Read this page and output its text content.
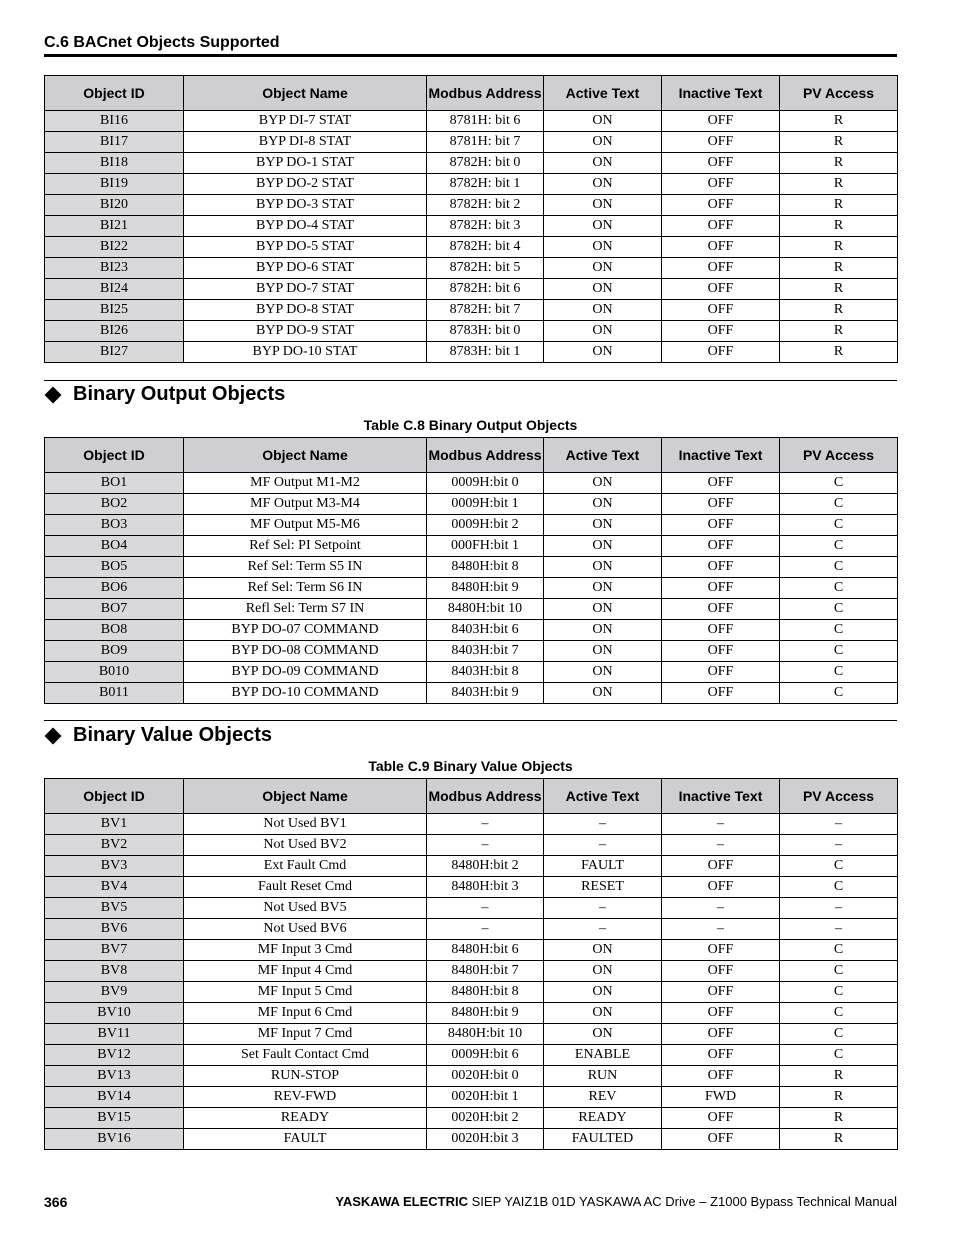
C.6 BACnet Objects Supported
Object ID	Object Name	Modbus Address	Active Text	Inactive Text	PV Access
BI16	BYP DI-7 STAT	8781H: bit 6	ON	OFF	R
BI17	BYP DI-8 STAT	8781H: bit 7	ON	OFF	R
BI18	BYP DO-1 STAT	8782H: bit 0	ON	OFF	R
BI19	BYP DO-2 STAT	8782H: bit 1	ON	OFF	R
BI20	BYP DO-3 STAT	8782H: bit 2	ON	OFF	R
BI21	BYP DO-4 STAT	8782H: bit 3	ON	OFF	R
BI22	BYP DO-5 STAT	8782H: bit 4	ON	OFF	R
BI23	BYP DO-6 STAT	8782H: bit 5	ON	OFF	R
BI24	BYP DO-7 STAT	8782H: bit 6	ON	OFF	R
BI25	BYP DO-8 STAT	8782H: bit 7	ON	OFF	R
BI26	BYP DO-9 STAT	8783H: bit 0	ON	OFF	R
BI27	BYP DO-10 STAT	8783H: bit 1	ON	OFF	R
Binary Output Objects
Table C.8 Binary Output Objects
Object ID	Object Name	Modbus Address	Active Text	Inactive Text	PV Access
BO1	MF Output M1-M2	0009H:bit 0	ON	OFF	C
BO2	MF Output M3-M4	0009H:bit 1	ON	OFF	C
BO3	MF Output M5-M6	0009H:bit 2	ON	OFF	C
BO4	Ref Sel: PI Setpoint	000FH:bit 1	ON	OFF	C
BO5	Ref Sel: Term S5 IN	8480H:bit 8	ON	OFF	C
BO6	Ref Sel: Term S6 IN	8480H:bit 9	ON	OFF	C
BO7	Refl Sel: Term S7 IN	8480H:bit 10	ON	OFF	C
BO8	BYP DO-07 COMMAND	8403H:bit 6	ON	OFF	C
BO9	BYP DO-08 COMMAND	8403H:bit 7	ON	OFF	C
B010	BYP DO-09 COMMAND	8403H:bit 8	ON	OFF	C
B011	BYP DO-10 COMMAND	8403H:bit 9	ON	OFF	C
Binary Value Objects
Table C.9 Binary Value Objects
Object ID	Object Name	Modbus Address	Active Text	Inactive Text	PV Access
BV1	Not Used BV1	–	–	–	–
BV2	Not Used BV2	–	–	–	–
BV3	Ext Fault Cmd	8480H:bit 2	FAULT	OFF	C
BV4	Fault Reset Cmd	8480H:bit 3	RESET	OFF	C
BV5	Not Used BV5	–	–	–	–
BV6	Not Used BV6	–	–	–	–
BV7	MF Input 3 Cmd	8480H:bit 6	ON	OFF	C
BV8	MF Input 4 Cmd	8480H:bit 7	ON	OFF	C
BV9	MF Input 5 Cmd	8480H:bit 8	ON	OFF	C
BV10	MF Input 6 Cmd	8480H:bit 9	ON	OFF	C
BV11	MF Input 7 Cmd	8480H:bit 10	ON	OFF	C
BV12	Set Fault Contact Cmd	0009H:bit 6	ENABLE	OFF	C
BV13	RUN-STOP	0020H:bit 0	RUN	OFF	R
BV14	REV-FWD	0020H:bit 1	REV	FWD	R
BV15	READY	0020H:bit 2	READY	OFF	R
BV16	FAULT	0020H:bit 3	FAULTED	OFF	R
366	YASKAWA ELECTRIC SIEP YAIZ1B 01D YASKAWA AC Drive – Z1000 Bypass Technical Manual
